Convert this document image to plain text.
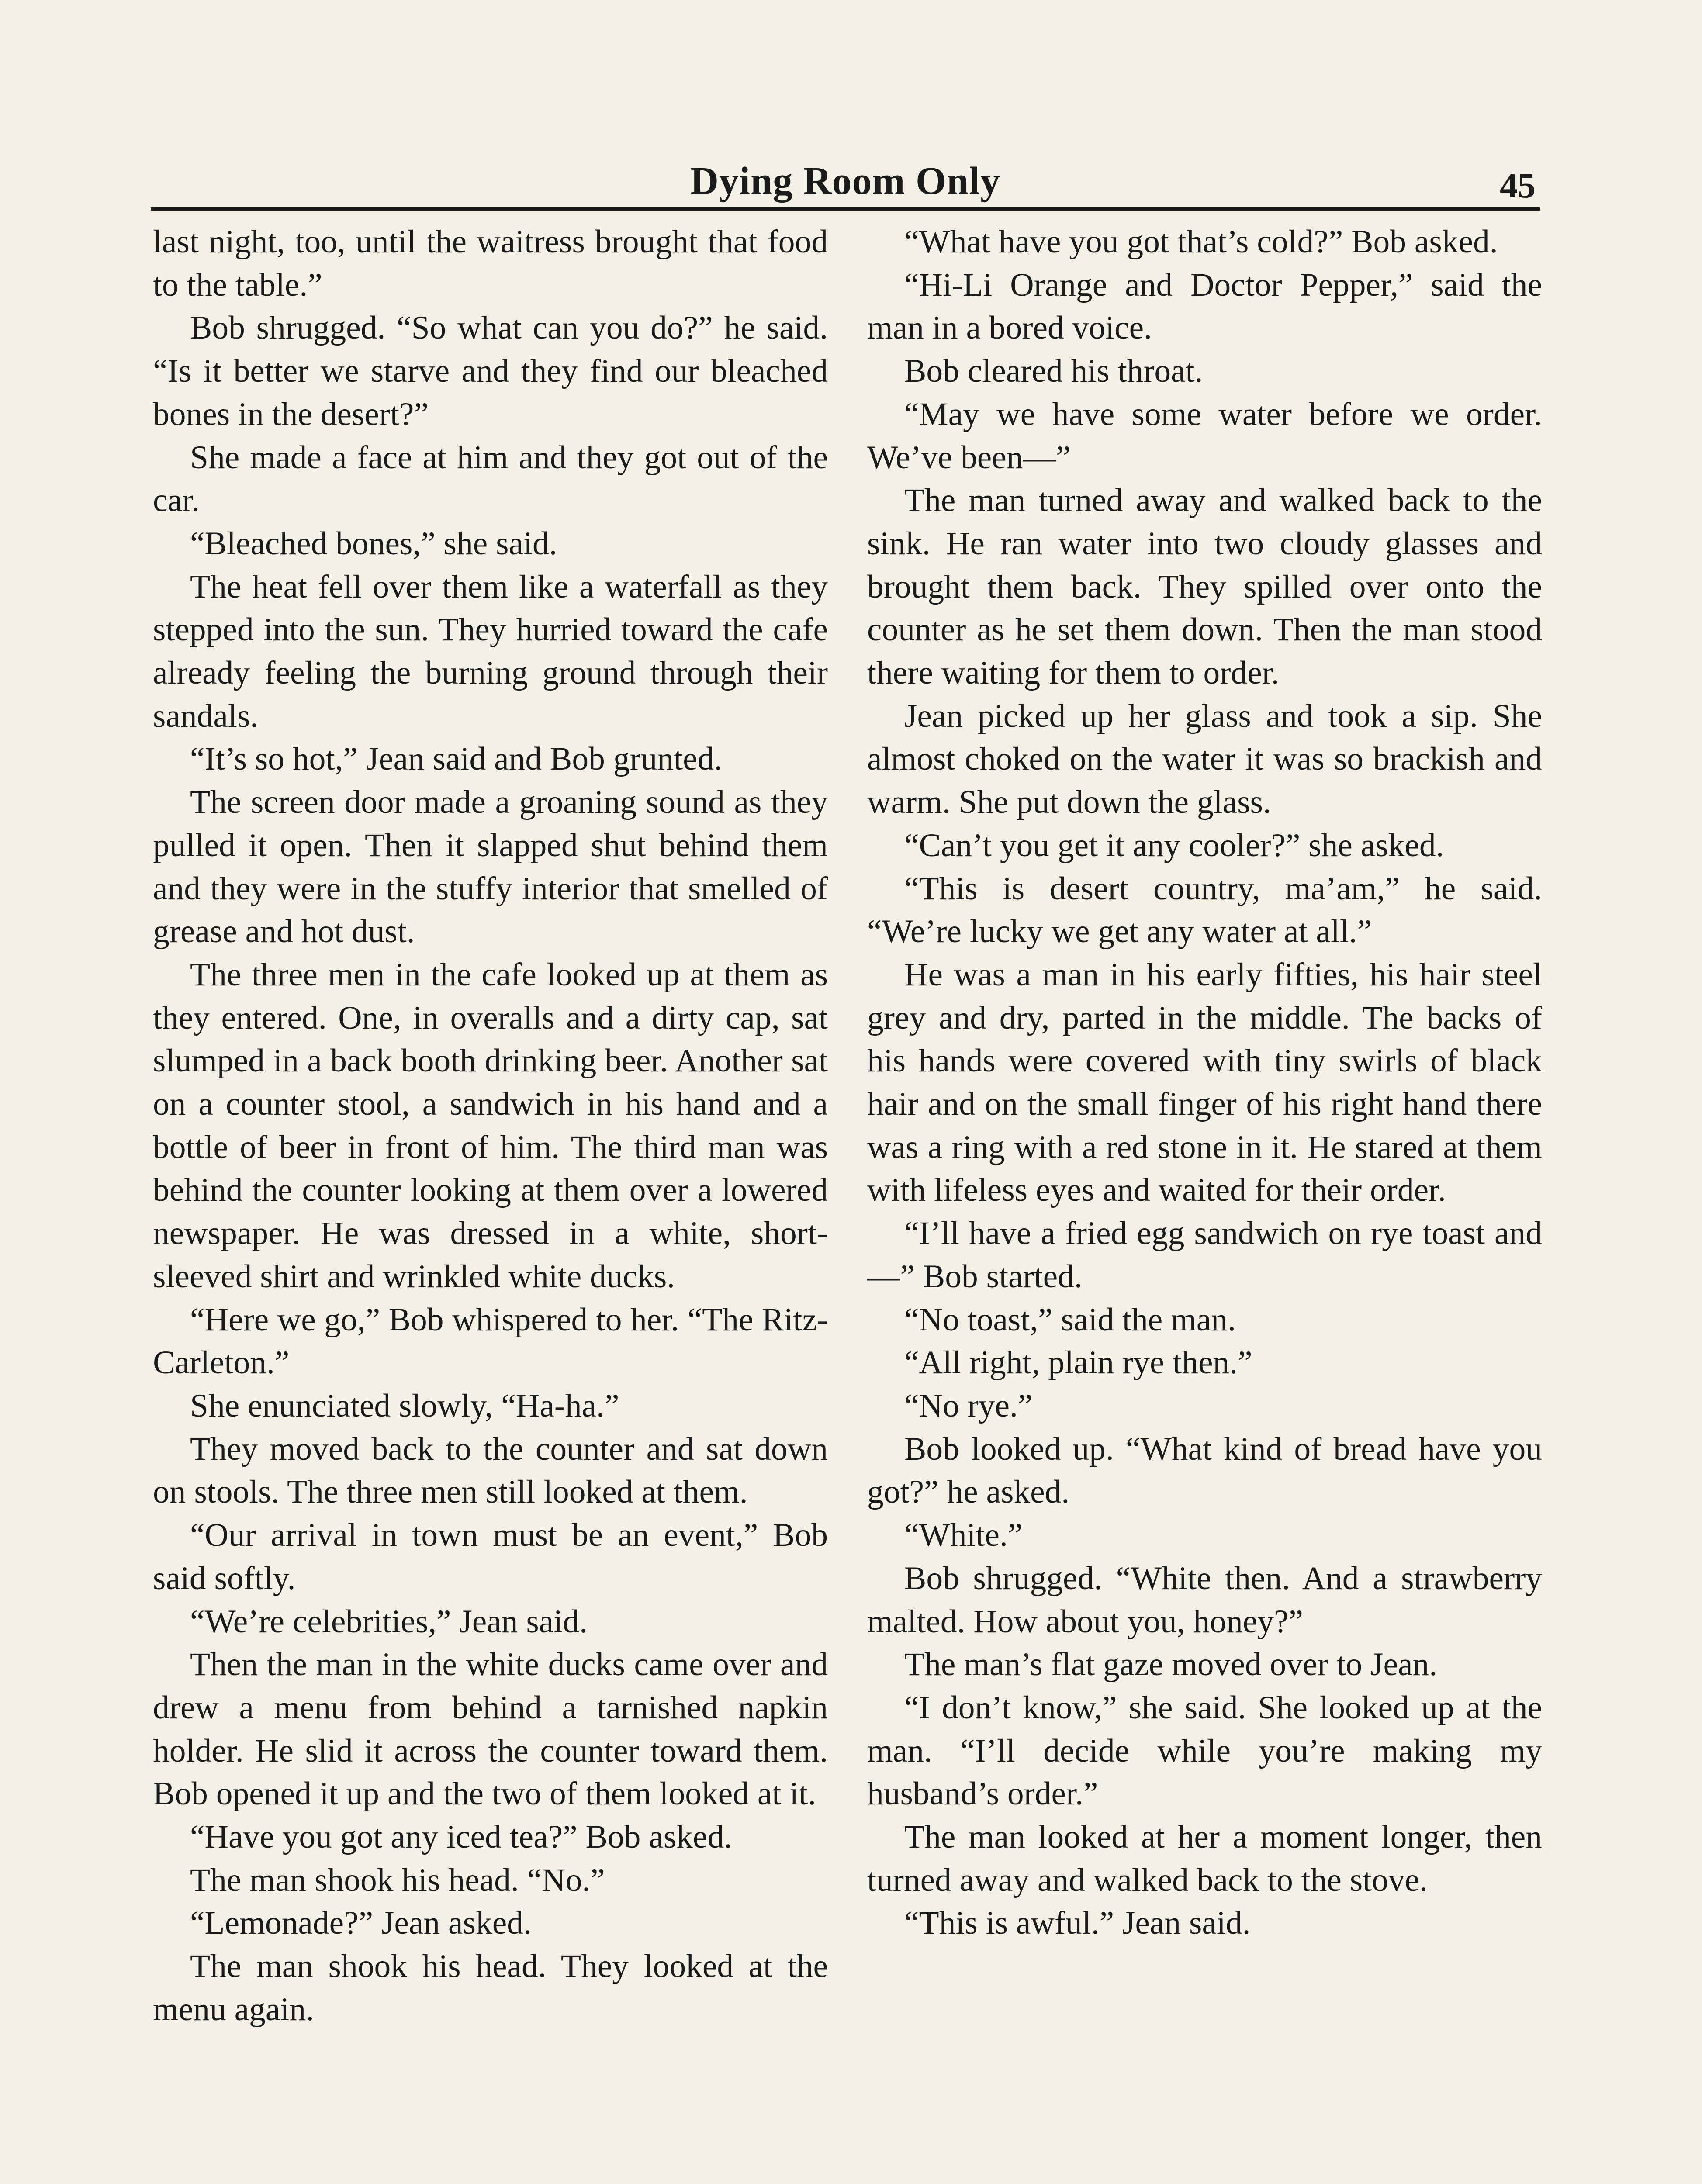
Dying Room Only	45

last night, too, until the waitress brought that food to the table.”

Bob shrugged. “So what can you do?” he said. “Is it better we starve and they find our bleached bones in the desert?”

She made a face at him and they got out of the car.

“Bleached bones,” she said.

The heat fell over them like a waterfall as they stepped into the sun. They hurried toward the cafe already feeling the burning ground through their sandals.

“It’s so hot,” Jean said and Bob grunted.

The screen door made a groaning sound as they pulled it open. Then it slapped shut behind them and they were in the stuffy interior that smelled of grease and hot dust.

The three men in the cafe looked up at them as they entered. One, in overalls and a dirty cap, sat slumped in a back booth drinking beer. Another sat on a counter stool, a sandwich in his hand and a bottle of beer in front of him. The third man was behind the counter looking at them over a lowered newspaper. He was dressed in a white, short-sleeved shirt and wrinkled white ducks.

“Here we go,” Bob whispered to her. “The Ritz-Carleton.”

She enunciated slowly, “Ha-ha.”

They moved back to the counter and sat down on stools. The three men still looked at them.

“Our arrival in town must be an event,” Bob said softly.

“We’re celebrities,” Jean said.

Then the man in the white ducks came over and drew a menu from behind a tarnished napkin holder. He slid it across the counter toward them. Bob opened it up and the two of them looked at it.

“Have you got any iced tea?” Bob asked.

The man shook his head. “No.”

“Lemonade?” Jean asked.

The man shook his head. They looked at the menu again.

“What have you got that’s cold?” Bob asked.

“Hi-Li Orange and Doctor Pepper,” said the man in a bored voice.

Bob cleared his throat.

“May we have some water before we order. We’ve been—”

The man turned away and walked back to the sink. He ran water into two cloudy glasses and brought them back. They spilled over onto the counter as he set them down. Then the man stood there waiting for them to order.

Jean picked up her glass and took a sip. She almost choked on the water it was so brackish and warm. She put down the glass.

“Can’t you get it any cooler?” she asked.

“This is desert country, ma’am,” he said. “We’re lucky we get any water at all.”

He was a man in his early fifties, his hair steel grey and dry, parted in the middle. The backs of his hands were covered with tiny swirls of black hair and on the small finger of his right hand there was a ring with a red stone in it. He stared at them with lifeless eyes and waited for their order.

“I’ll have a fried egg sandwich on rye toast and—” Bob started.

“No toast,” said the man.

“All right, plain rye then.”

“No rye.”

Bob looked up. “What kind of bread have you got?” he asked.

“White.”

Bob shrugged. “White then. And a strawberry malted. How about you, honey?”

The man’s flat gaze moved over to Jean.

“I don’t know,” she said. She looked up at the man. “I’ll decide while you’re making my husband’s order.”

The man looked at her a moment longer, then turned away and walked back to the stove.

“This is awful.” Jean said.
